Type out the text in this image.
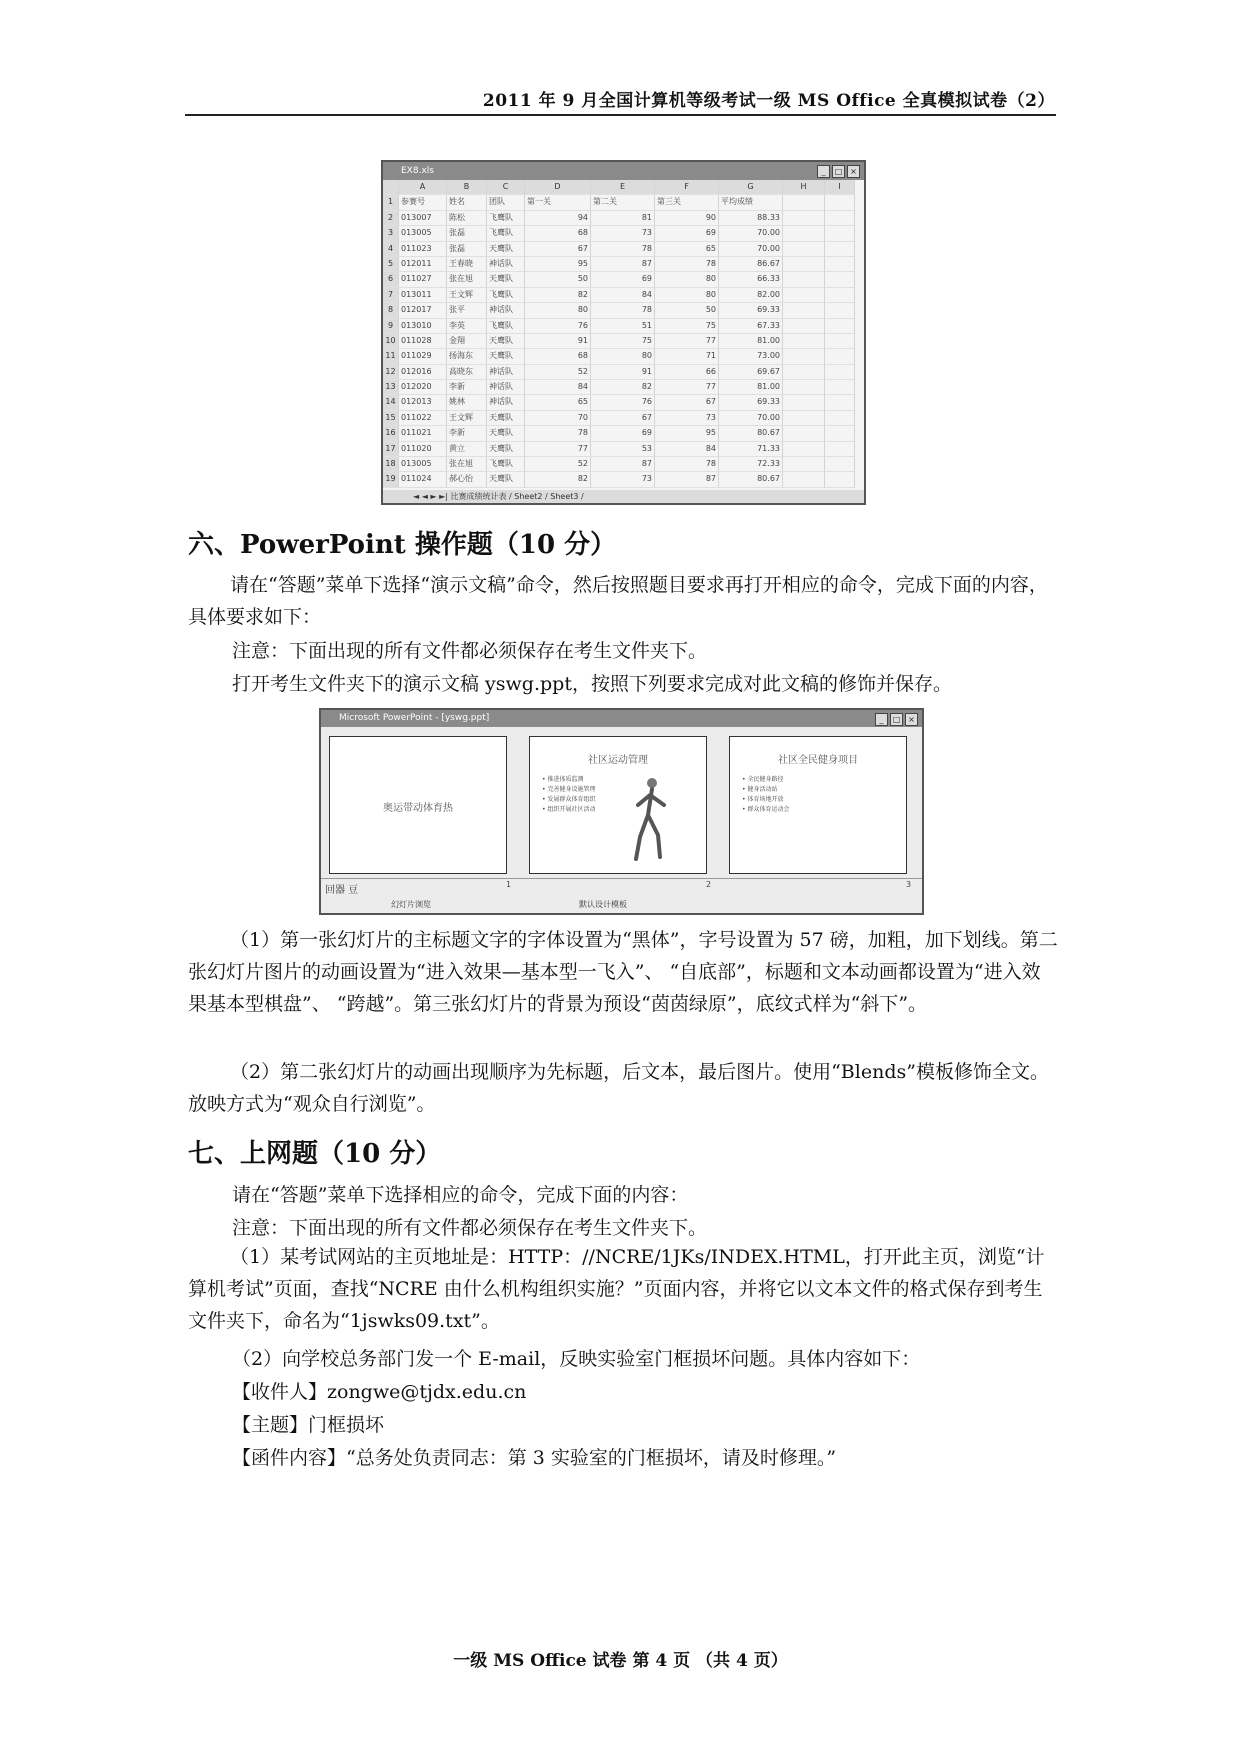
2011 年 9 月全国计算机等级考试一级 MS Office 全真模拟试卷（2）
EX8.xls	_	□ ×
A	B	C	D	E	F	G	H	I
1 参赛号	姓名	团队	第一关	第二关	第三关	平均成绩
2 013007	陈松	飞鹰队	94	81	90	88.33
3 013005	张磊	飞鹰队	68	73	69	70.00
4 011023	张磊	天鹰队	67	78	65	70.00
5 012011	王春晓	神话队	95	87	78	86.67
6 011027	张在旭	天鹰队	50	69	80	66.33
7 013011	王文辉	飞鹰队	82	84	80	82.00
8 012017	张平	神话队	80	78	50	69.33
9 013010	李英	飞鹰队	76	51	75	67.33
10 011028	金翔	天鹰队	91	75	77	81.00
11 011029	扬海东	天鹰队	68	80	71	73.00
12 012016	高晓东	神话队	52	91	66	69.67
13 012020	李新	神话队	84	82	77	81.00
14 012013	姚林	神话队	65	76	67	69.33
15 011022	王文辉	天鹰队	70	67	73	70.00
16 011021	李新	天鹰队	78	69	95	80.67
17 011020	黄立	天鹰队	77	53	84	71.33
18 013005	张在旭	飞鹰队	52	87	78	72.33
19 011024	郝心怡	天鹰队	82	73	87	80.67
◄ ◄ ► ►| 比赛成绩统计表 / Sheet2 / Sheet3 /
六、PowerPoint 操作题（10 分）
请在“答题”菜单下选择“演示文稿”命令，然后按照题目要求再打开相应的命令，完成下面的内容，具体要求如下：
注意：下面出现的所有文件都必须保存在考生文件夹下。
打开考生文件夹下的演示文稿 yswg.ppt，按照下列要求完成对此文稿的修饰并保存。
Microsoft PowerPoint - [yswg.ppt]	_	□ ×
奥运带动体育热
社区运动管理
• 推进体质监测
• 完善健身设施管理
• 发展群众体育组织
• 组织开展社区活动
社区全民健身项目
• 全民健身路径
• 健身活动站
• 体育场地开放
• 群众体育运动会
1	2	3
回器 豆
幻灯片浏览	默认设计模板
（1）第一张幻灯片的主标题文字的字体设置为“黑体”，字号设置为 57 磅，加粗，加下划线。第二张幻灯片图片的动画设置为“进入效果—基本型一飞入”、 “自底部”，标题和文本动画都设置为“进入效果基本型棋盘”、 “跨越”。第三张幻灯片的背景为预设“茵茵绿原”，底纹式样为“斜下”。
（2）第二张幻灯片的动画出现顺序为先标题，后文本，最后图片。使用“Blends”模板修饰全文。放映方式为“观众自行浏览”。
七、上网题（10 分）
请在“答题”菜单下选择相应的命令，完成下面的内容：
注意：下面出现的所有文件都必须保存在考生文件夹下。
（1）某考试网站的主页地址是：HTTP：//NCRE/1JKs/INDEX.HTML，打开此主页，浏览“计算机考试”页面，查找“NCRE 由什么机构组织实施？”页面内容，并将它以文本文件的格式保存到考生文件夹下，命名为“1jswks09.txt”。
（2）向学校总务部门发一个 E-mail，反映实验室门框损坏问题。具体内容如下：
【收件人】zongwe@tjdx.edu.cn
【主题】门框损坏
【函件内容】“总务处负责同志：第 3 实验室的门框损坏，请及时修理。”
一级 MS Office 试卷 第 4 页 （共 4 页）
